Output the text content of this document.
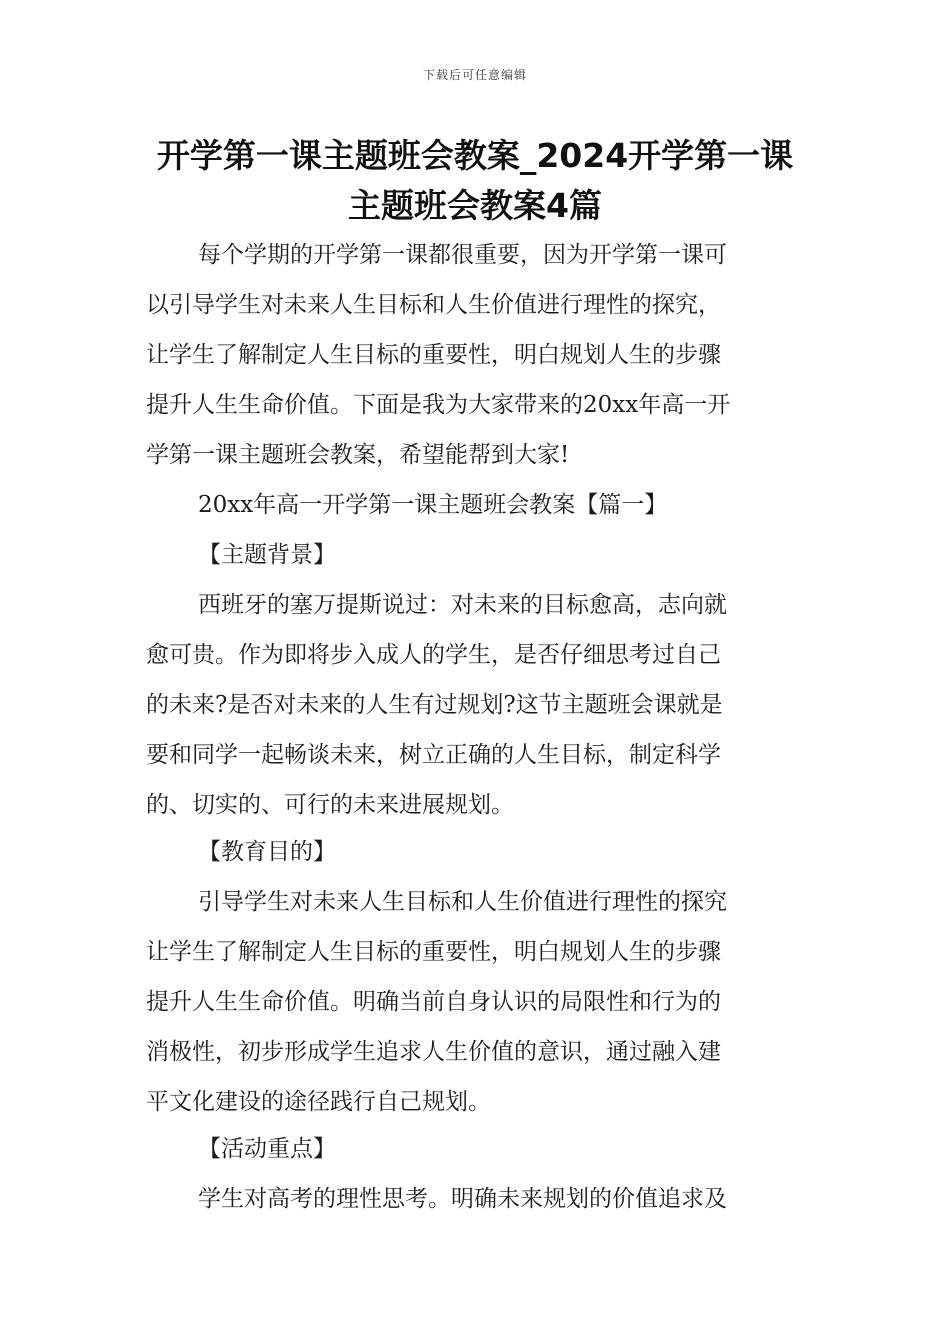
下载后可任意编辑
开学第一课主题班会教案_2024开学第一课
主题班会教案4篇
每个学期的开学第一课都很重要，因为开学第一课可
以引导学生对未来人生目标和人生价值进行理性的探究，
让学生了解制定人生目标的重要性，明白规划人生的步骤
提升人生生命价值。下面是我为大家带来的20xx年高一开
学第一课主题班会教案，希望能帮到大家!
20xx年高一开学第一课主题班会教案【篇一】
【主题背景】
西班牙的塞万提斯说过：对未来的目标愈高，志向就
愈可贵。作为即将步入成人的学生，是否仔细思考过自己
的未来?是否对未来的人生有过规划?这节主题班会课就是
要和同学一起畅谈未来，树立正确的人生目标，制定科学
的、切实的、可行的未来进展规划。
【教育目的】
引导学生对未来人生目标和人生价值进行理性的探究
让学生了解制定人生目标的重要性，明白规划人生的步骤
提升人生生命价值。明确当前自身认识的局限性和行为的
消极性，初步形成学生追求人生价值的意识，通过融入建
平文化建设的途径践行自己规划。
【活动重点】
学生对高考的理性思考。明确未来规划的价值追求及
